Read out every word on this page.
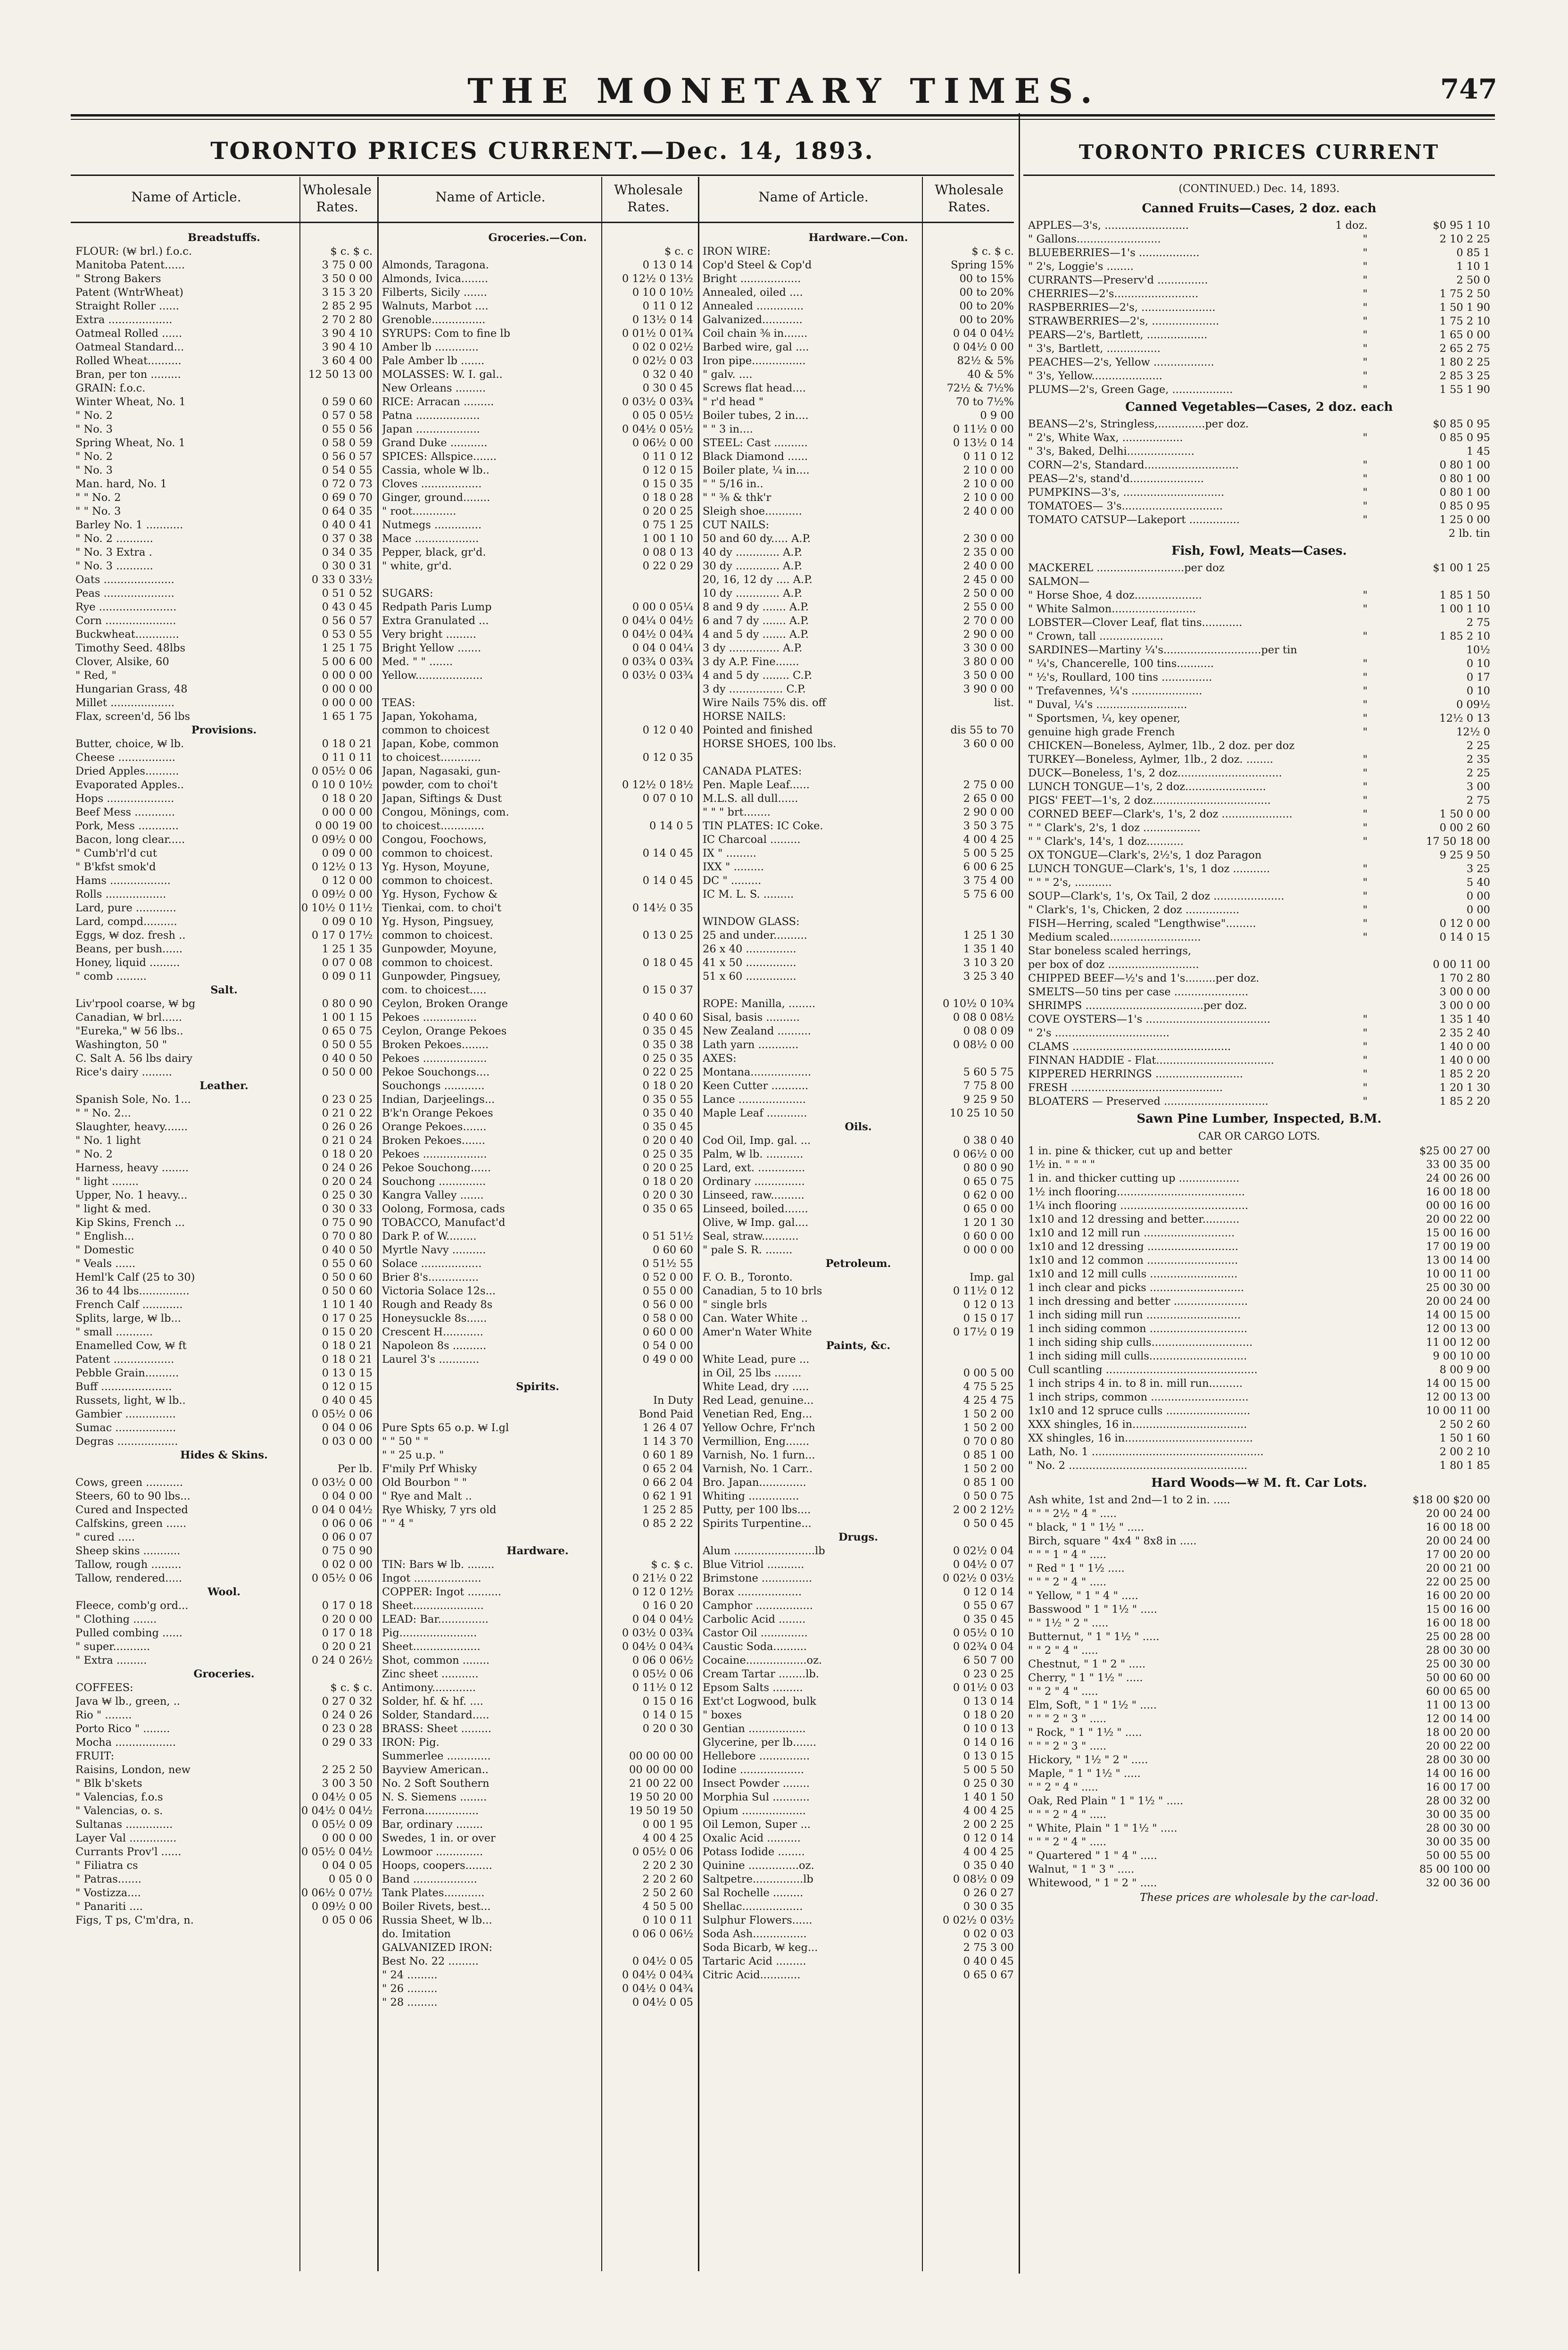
THE MONETARY TIMES.	747
TORONTO PRICES CURRENT.—Dec. 14, 1893.	TORONTO PRICES CURRENT
Name of Article.	Wholesale Rates.
Name of Article.	Wholesale Rates.
Name of Article.	Wholesale Rates.
Breadstuffs.
FLOUR: (₩ brl.) f.o.c.	$ c. $ c.
Manitoba Patent......	3 75 0 00
" Strong Bakers	3 50 0 00
Patent (WntrWheat)	3 15 3 20
Straight Roller ......	2 85 2 95
Extra ...................	2 70 2 80
Oatmeal Rolled ......	3 90 4 10
Oatmeal Standard...	3 90 4 10
Rolled Wheat..........	3 60 4 00
Bran, per ton .........	12 50 13 00
GRAIN: f.o.c.
Winter Wheat, No. 1	0 59 0 60
" No. 2	0 57 0 58
" No. 3	0 55 0 56
Spring Wheat, No. 1	0 58 0 59
" No. 2	0 56 0 57
" No. 3	0 54 0 55
Man. hard, No. 1	0 72 0 73
" " No. 2	0 69 0 70
" " No. 3	0 64 0 35
Barley No. 1 ...........	0 40 0 41
" No. 2 ...........	0 37 0 38
" No. 3 Extra .	0 34 0 35
" No. 3 ...........	0 30 0 31
Oats .....................	0 33 0 33½
Peas .....................	0 51 0 52
Rye .......................	0 43 0 45
Corn .....................	0 56 0 57
Buckwheat.............	0 53 0 55
Timothy Seed. 48lbs	1 25 1 75
Clover, Alsike, 60	5 00 6 00
" Red, "	0 00 0 00
Hungarian Grass, 48	0 00 0 00
Millet ...................	0 00 0 00
Flax, screen'd, 56 lbs	1 65 1 75
Provisions.
Butter, choice, ₩ lb.	0 18 0 21
Cheese .................	0 11 0 11
Dried Apples..........	0 05½ 0 06
Evaporated Apples..	0 10 0 10½
Hops ....................	0 18 0 20
Beef Mess ............	0 00 0 00
Pork, Mess ............	0 00 19 00
Bacon, long clear.....	0 09½ 0 00
" Cumb'rl'd cut	0 09 0 00
" B'kfst smok'd	0 12½ 0 13
Hams ..................	0 12 0 00
Rolls ..................	0 09½ 0 00
Lard, pure ............	0 10½ 0 11½
Lard, compd..........	0 09 0 10
Eggs, ₩ doz. fresh ..	0 17 0 17½
Beans, per bush......	1 25 1 35
Honey, liquid .........	0 07 0 08
" comb .........	0 09 0 11
Salt.
Liv'rpool coarse, ₩ bg	0 80 0 90
Canadian, ₩ brl......	1 00 1 15
"Eureka," ₩ 56 lbs..	0 65 0 75
Washington, 50 "	0 50 0 55
C. Salt A. 56 lbs dairy	0 40 0 50
Rice's dairy .........	0 50 0 00
Leather.
Spanish Sole, No. 1...	0 23 0 25
" " No. 2...	0 21 0 22
Slaughter, heavy.......	0 26 0 26
" No. 1 light	0 21 0 24
" No. 2	0 18 0 20
Harness, heavy ........	0 24 0 26
" light ........	0 20 0 24
Upper, No. 1 heavy...	0 25 0 30
" light & med.	0 30 0 33
Kip Skins, French ...	0 75 0 90
" English...	0 70 0 80
" Domestic	0 40 0 50
" Veals ......	0 55 0 60
Heml'k Calf (25 to 30)	0 50 0 60
36 to 44 lbs...............	0 50 0 60
French Calf ............	1 10 1 40
Splits, large, ₩ lb...	0 17 0 25
" small ...........	0 15 0 20
Enamelled Cow, ₩ ft	0 18 0 21
Patent ..................	0 18 0 21
Pebble Grain..........	0 13 0 15
Buff .....................	0 12 0 15
Russets, light, ₩ lb..	0 40 0 45
Gambier ...............	0 05½ 0 06
Sumac ..................	0 04 0 06
Degras ..................	0 03 0 00
Hides & Skins.
Per lb.
Cows, green ...........	0 03½ 0 00
Steers, 60 to 90 lbs...	0 04 0 00
Cured and Inspected	0 04 0 04½
Calfskins, green ......	0 06 0 06
" cured .....	0 06 0 07
Sheep skins ...........	0 75 0 90
Tallow, rough .........	0 02 0 00
Tallow, rendered.....	0 05½ 0 06
Wool.
Fleece, comb'g ord...	0 17 0 18
" Clothing .......	0 20 0 00
Pulled combing ......	0 17 0 18
" super...........	0 20 0 21
" Extra .........	0 24 0 26½
Groceries.
COFFEES:	$ c. $ c.
Java ₩ lb., green, ..	0 27 0 32
Rio " ........	0 24 0 26
Porto Rico " ........	0 23 0 28
Mocha ..................	0 29 0 33
FRUIT:
Raisins, London, new	2 25 2 50
" Blk b'skets	3 00 3 50
" Valencias, f.o.s	0 04½ 0 05
" Valencias, o. s.	0 04½ 0 04½
Sultanas ..............	0 05½ 0 09
Layer Val ..............	0 00 0 00
Currants Prov'l ......	0 05½ 0 04½
" Filiatra cs	0 04 0 05
" Patras.......	0 05 0 0
" Vostizza....	0 06½ 0 07½
" Panariti ....	0 09½ 0 00
Figs, T ps, C'm'dra, n.	0 05 0 06
Groceries.—Con.
$ c. c
Almonds, Taragona.	0 13 0 14
Almonds, Ivica........	0 12½ 0 13½
Filberts, Sicily .......	0 10 0 10½
Walnuts, Marbot ....	0 11 0 12
Grenoble................	0 13½ 0 14
SYRUPS: Com to fine lb	0 01½ 0 01¾
Amber lb .............	0 02 0 02½
Pale Amber lb .......	0 02½ 0 03
MOLASSES: W. I. gal..	0 32 0 40
New Orleans .........	0 30 0 45
RICE: Arracan .........	0 03½ 0 03¾
Patna ...................	0 05 0 05½
Japan ...................	0 04½ 0 05½
Grand Duke ...........	0 06½ 0 00
SPICES: Allspice.......	0 11 0 12
Cassia, whole ₩ lb..	0 12 0 15
Cloves ..................	0 15 0 35
Ginger, ground........	0 18 0 28
" root.............	0 20 0 25
Nutmegs ..............	0 75 1 25
Mace ...................	1 00 1 10
Pepper, black, gr'd.	0 08 0 13
" white, gr'd.	0 22 0 29
SUGARS:
Redpath Paris Lump	0 00 0 05¼
Extra Granulated ...	0 04¼ 0 04½
Very bright .........	0 04½ 0 04¾
Bright Yellow .......	0 04 0 04¼
Med. " " .......	0 03¾ 0 03¾
Yellow....................	0 03½ 0 03¾
TEAS:
Japan, Yokohama,
common to choicest	0 12 0 40
Japan, Kobe, common
to choicest............	0 12 0 35
Japan, Nagasaki, gun-
powder, com to choi't	0 12½ 0 18½
Japan, Siftings & Dust	0 07 0 10
Congou, Mönings, com.
to choicest.............	0 14 0 5
Congou, Foochows,
common to choicest.	0 14 0 45
Yg. Hyson, Moyune,
common to choicest.	0 14 0 45
Yg. Hyson, Fychow &
Tienkai, com. to choi't	0 14½ 0 35
Yg. Hyson, Pingsuey,
common to choicest.	0 13 0 25
Gunpowder, Moyune,
common to choicest.	0 18 0 45
Gunpowder, Pingsuey,
com. to choicest.....	0 15 0 37
Ceylon, Broken Orange
Pekoes ................	0 40 0 60
Ceylon, Orange Pekoes	0 35 0 45
Broken Pekoes........	0 35 0 38
Pekoes ...................	0 25 0 35
Pekoe Souchongs....	0 22 0 25
Souchongs ............	0 18 0 20
Indian, Darjeelings...	0 35 0 55
B'k'n Orange Pekoes	0 35 0 40
Orange Pekoes.......	0 35 0 45
Broken Pekoes.......	0 20 0 40
Pekoes ...................	0 25 0 35
Pekoe Souchong......	0 20 0 25
Souchong ..............	0 18 0 20
Kangra Valley .......	0 20 0 30
Oolong, Formosa, cads	0 35 0 65
TOBACCO, Manufact'd
Dark P. of W.........	0 51 51½
Myrtle Navy ..........	0 60 60
Solace ..................	0 51½ 55
Brier 8's...............	0 52 0 00
Victoria Solace 12s...	0 55 0 00
Rough and Ready 8s	0 56 0 00
Honeysuckle 8s......	0 58 0 00
Crescent H............	0 60 0 00
Napoleon 8s ..........	0 54 0 00
Laurel 3's ............	0 49 0 00
Spirits.
In Duty
Bond Paid
Pure Spts 65 o.p. ₩ I.gl	1 26 4 07
" " 50 " "	1 14 3 70
" " 25 u.p. "	0 60 1 89
F'mily Prf Whisky	0 65 2 04
Old Bourbon " "	0 66 2 04
" Rye and Malt ..	0 62 1 91
Rye Whisky, 7 yrs old	1 25 2 85
" " 4 "	0 85 2 22
Hardware.
TIN: Bars ₩ lb. ........	$ c. $ c.
Ingot ....................	0 21½ 0 22
COPPER: Ingot ..........	0 12 0 12½
Sheet.....................	0 16 0 20
LEAD: Bar...............	0 04 0 04½
Pig.......................	0 03½ 0 03¾
Sheet....................	0 04½ 0 04¾
Shot, common ........	0 06 0 06½
Zinc sheet ...........	0 05½ 0 06
Antimony.............	0 11½ 0 12
Solder, hf. & hf. ....	0 15 0 16
Solder, Standard.....	0 14 0 15
BRASS: Sheet .........	0 20 0 30
IRON: Pig.
Summerlee .............	00 00 00 00
Bayview American..	00 00 00 00
No. 2 Soft Southern	21 00 22 00
N. S. Siemens ........	19 50 20 00
Ferrona................	19 50 19 50
Bar, ordinary ........	0 00 1 95
Swedes, 1 in. or over	4 00 4 25
Lowmoor ..............	0 05½ 0 06
Hoops, coopers........	2 20 2 30
Band ...................	2 20 2 60
Tank Plates............	2 50 2 60
Boiler Rivets, best...	4 50 5 00
Russia Sheet, ₩ lb...	0 10 0 11
do. Imitation	0 06 0 06½
GALVANIZED IRON:
Best No. 22 .........	0 04½ 0 05
" 24 .........	0 04½ 0 04¾
" 26 .........	0 04½ 0 04¾
" 28 .........	0 04½ 0 05
Hardware.—Con.
IRON WIRE:	$ c. $ c.
Cop'd Steel & Cop'd	Spring 15%
Bright ..................	00 to 15%
Annealed, oiled ....	00 to 20%
Annealed ..............	00 to 20%
Galvanized............	00 to 20%
Coil chain ⅜ in.......	0 04 0 04½
Barbed wire, gal ....	0 04½ 0 00
Iron pipe................	82½ & 5%
" galv. ....	40 & 5%
Screws flat head....	72½ & 7½%
" r'd head "	70 to 7½%
Boiler tubes, 2 in....	0 9 00
" " 3 in....	0 11½ 0 00
STEEL: Cast ..........	0 13½ 0 14
Black Diamond ......	0 11 0 12
Boiler plate, ¼ in....	2 10 0 00
" " 5/16 in..	2 10 0 00
" " ⅜ & thk'r	2 10 0 00
Sleigh shoe...........	2 40 0 00
CUT NAILS:
50 and 60 dy..... A.P.	2 30 0 00
40 dy ............. A.P.	2 35 0 00
30 dy ............. A.P.	2 40 0 00
20, 16, 12 dy .... A.P.	2 45 0 00
10 dy ............. A.P.	2 50 0 00
8 and 9 dy ....... A.P.	2 55 0 00
6 and 7 dy ....... A.P.	2 70 0 00
4 and 5 dy ....... A.P.	2 90 0 00
3 dy ............... A.P.	3 30 0 00
3 dy A.P. Fine.......	3 80 0 00
4 and 5 dy ........ C.P.	3 50 0 00
3 dy ................ C.P.	3 90 0 00
Wire Nails 75% dis. off	list.
HORSE NAILS:
Pointed and finished	dis 55 to 70
HORSE SHOES, 100 lbs.	3 60 0 00
CANADA PLATES:
Pen. Maple Leaf......	2 75 0 00
M.L.S. all dull......	2 65 0 00
" " " brt........	2 90 0 00
TIN PLATES: IC Coke.	3 50 3 75
IC Charcoal .........	4 00 4 25
IX " .........	5 00 5 25
IXX " .........	6 00 6 25
DC " .........	3 75 4 00
IC M. L. S. .........	5 75 6 00
WINDOW GLASS:
25 and under..........	1 25 1 30
26 x 40 ...............	1 35 1 40
41 x 50 ...............	3 10 3 20
51 x 60 ...............	3 25 3 40
ROPE: Manilla, ........	0 10½ 0 10¾
Sisal, basis ..........	0 08 0 08½
New Zealand ..........	0 08 0 09
Lath yarn ............	0 08½ 0 00
AXES:
Montana..................	5 60 5 75
Keen Cutter ...........	7 75 8 00
Lance ....................	9 25 9 50
Maple Leaf ............	10 25 10 50
Oils.
Cod Oil, Imp. gal. ...	0 38 0 40
Palm, ₩ lb. ...........	0 06½ 0 00
Lard, ext. ..............	0 80 0 90
Ordinary ...............	0 65 0 75
Linseed, raw..........	0 62 0 00
Linseed, boiled.......	0 65 0 00
Olive, ₩ Imp. gal....	1 20 1 30
Seal, straw...........	0 60 0 00
" pale S. R. ........	0 00 0 00
Petroleum.
F. O. B., Toronto.	Imp. gal
Canadian, 5 to 10 brls	0 11½ 0 12
" single brls	0 12 0 13
Can. Water White ..	0 15 0 17
Amer'n Water White	0 17½ 0 19
Paints, &c.
White Lead, pure ...
in Oil, 25 lbs ........	0 00 5 00
White Lead, dry .....	4 75 5 25
Red Lead, genuine...	4 25 4 75
Venetian Red, Eng...	1 50 2 00
Yellow Ochre, Fr'nch	1 50 2 00
Vermillion, Eng.......	0 70 0 80
Varnish, No. 1 furn...	0 85 1 00
Varnish, No. 1 Carr..	1 50 2 00
Bro. Japan..............	0 85 1 00
Whiting ...............	0 50 0 75
Putty, per 100 lbs....	2 00 2 12½
Spirits Turpentine...	0 50 0 45
Drugs.
Alum ........................lb	0 02½ 0 04
Blue Vitriol ...........	0 04½ 0 07
Brimstone ...............	0 02½ 0 03½
Borax ...................	0 12 0 14
Camphor .................	0 55 0 67
Carbolic Acid ........	0 35 0 45
Castor Oil ..............	0 05½ 0 10
Caustic Soda..........	0 02¾ 0 04
Cocaine..................oz.	6 50 7 00
Cream Tartar ........lb.	0 23 0 25
Epsom Salts .........	0 01½ 0 03
Ext'ct Logwood, bulk	0 13 0 14
" boxes	0 18 0 20
Gentian .................	0 10 0 13
Glycerine, per lb.......	0 14 0 16
Hellebore ...............	0 13 0 15
Iodine ...................	5 00 5 50
Insect Powder ........	0 25 0 30
Morphia Sul ...........	1 40 1 50
Opium ...................	4 00 4 25
Oil Lemon, Super ...	2 00 2 25
Oxalic Acid ..........	0 12 0 14
Potass Iodide ........	4 00 4 25
Quinine ...............oz.	0 35 0 40
Saltpetre...............lb	0 08½ 0 09
Sal Rochelle .........	0 26 0 27
Shellac..................	0 30 0 35
Sulphur Flowers......	0 02½ 0 03½
Soda Ash................	0 02 0 03
Soda Bicarb, ₩ keg...	2 75 3 00
Tartaric Acid .........	0 40 0 45
Citric Acid............	0 65 0 67
(CONTINUED.) Dec. 14, 1893.
Canned Fruits—Cases, 2 doz. each
APPLES—3's, .........................	1 doz.	$0 95 1 10
" Gallons.........................	"	2 10 2 25
BLUEBERRIES—1's ..................	"	0 85 1
" 2's, Loggie's ........	"	1 10 1
CURRANTS—Preserv'd ...............	"	2 50 0
CHERRIES—2's.........................	"	1 75 2 50
RASPBERRIES—2's, ......................	"	1 50 1 90
STRAWBERRIES—2's, ....................	"	1 75 2 10
PEARS—2's, Bartlett, ..................	"	1 65 0 00
" 3's, Bartlett, ................	"	2 65 2 75
PEACHES—2's, Yellow ..................	"	1 80 2 25
" 3's, Yellow.....................	"	2 85 3 25
PLUMS—2's, Green Gage, ..................	"	1 55 1 90
Canned Vegetables—Cases, 2 doz. each
BEANS—2's, Stringless,..............per doz.	$0 85 0 95
" 2's, White Wax, ..................	"	0 85 0 95
" 3's, Baked, Delhi....................	1 45
CORN—2's, Standard............................	"	0 80 1 00
PEAS—2's, stand'd......................	"	0 80 1 00
PUMPKINS—3's, ..............................	"	0 80 1 00
TOMATOES— 3's..............................	"	0 85 0 95
TOMATO CATSUP—Lakeport ...............	"	1 25 0 00
2 lb. tin
Fish, Fowl, Meats—Cases.
MACKEREL ..........................per doz	$1 00 1 25
SALMON—
" Horse Shoe, 4 doz....................	"	1 85 1 50
" White Salmon.........................	"	1 00 1 10
LOBSTER—Clover Leaf, flat tins............	2 75
" Crown, tall ...................	"	1 85 2 10
SARDINES—Martiny ¼'s.............................per tin	10½
" ¼'s, Chancerelle, 100 tins...........	"	0 10
" ½'s, Roullard, 100 tins ...............	"	0 17
" Trefavennes, ¼'s .....................	"	0 10
" Duval, ¼'s ...........................	"	0 09½
" Sportsmen, ¼, key opener,	"	12½ 0 13
genuine high grade French	"	12½ 0
CHICKEN—Boneless, Aylmer, 1lb., 2 doz. per doz	2 25
TURKEY—Boneless, Aylmer, 1lb., 2 doz. ........	"	2 35
DUCK—Boneless, 1's, 2 doz...............................	"	2 25
LUNCH TONGUE—1's, 2 doz........................	"	3 00
PIGS' FEET—1's, 2 doz...................................	"	2 75
CORNED BEEF—Clark's, 1's, 2 doz .....................	"	1 50 0 00
" " Clark's, 2's, 1 doz .................	"	0 00 2 60
" " Clark's, 14's, 1 doz...........	"	17 50 18 00
OX TONGUE—Clark's, 2½'s, 1 doz Paragon	9 25 9 50
LUNCH TONGUE—Clark's, 1's, 1 doz ...........	"	3 25
" " " 2's, ...........	"	5 40
SOUP—Clark's, 1's, Ox Tail, 2 doz .....................	"	0 00
" Clark's, 1's, Chicken, 2 doz ................	"	0 00
FISH—Herring, scaled "Lengthwise".........	"	0 12 0 00
Medium scaled...........................	"	0 14 0 15
Star boneless scaled herrings,
per box of doz ...........................	0 00 11 00
CHIPPED BEEF—½'s and 1's.........per doz.	1 70 2 80
SMELTS—50 tins per case ......................	3 00 0 00
SHRIMPS ...................................per doz.	3 00 0 00
COVE OYSTERS—1's .....................................	"	1 35 1 40
" 2's ..................................	"	2 35 2 40
CLAMS ...............................................	"	1 40 0 00
FINNAN HADDIE - Flat...................................	"	1 40 0 00
KIPPERED HERRINGS ..........................	"	1 85 2 20
FRESH .............................................	"	1 20 1 30
BLOATERS — Preserved ...............................	"	1 85 2 20
Sawn Pine Lumber, Inspected, B.M.
CAR OR CARGO LOTS.
1 in. pine & thicker, cut up and better	$25 00 27 00
1½ in. " " " "	33 00 35 00
1 in. and thicker cutting up ..................	24 00 26 00
1½ inch flooring......................................	16 00 18 00
1¼ inch flooring ......................................	00 00 16 00
1x10 and 12 dressing and better...........	20 00 22 00
1x10 and 12 mill run ...........................	15 00 16 00
1x10 and 12 dressing ...........................	17 00 19 00
1x10 and 12 common ...........................	13 00 14 00
1x10 and 12 mill culls ..........................	10 00 11 00
1 inch clear and picks ............................	25 00 30 00
1 inch dressing and better ......................	20 00 24 00
1 inch siding mill run ............................	14 00 15 00
1 inch siding common .............................	12 00 13 00
1 inch siding ship culls..............................	11 00 12 00
1 inch siding mill culls.............................	9 00 10 00
Cull scantling .............................................	8 00 9 00
1 inch strips 4 in. to 8 in. mill run..........	14 00 15 00
1 inch strips, common .............................	12 00 13 00
1x10 and 12 spruce culls .........................	10 00 11 00
XXX shingles, 16 in..................................	2 50 2 60
XX shingles, 16 in......................................	1 50 1 60
Lath, No. 1 ...................................................	2 00 2 10
" No. 2 .....................................................	1 80 1 85
Hard Woods—₩ M. ft. Car Lots.
Ash white, 1st and 2nd—1 to 2 in. .....	$18 00 $20 00
" " " 2½ " 4 " .....	20 00 24 00
" black, " 1 " 1½ " .....	16 00 18 00
Birch, square " 4x4 " 8x8 in .....	20 00 24 00
" " " 1 " 4 " .....	17 00 20 00
" Red " 1 " 1½ .....	20 00 21 00
" " " 2 " 4 " .....	22 00 25 00
" Yellow, " 1 " 4 " .....	16 00 20 00
Basswood " 1 " 1½ " .....	15 00 16 00
" " 1½ " 2 " .....	16 00 18 00
Butternut, " 1 " 1½ " .....	25 00 28 00
" " 2 " 4 " .....	28 00 30 00
Chestnut, " 1 " 2 " .....	25 00 30 00
Cherry, " 1 " 1½ " .....	50 00 60 00
" " 2 " 4 " .....	60 00 65 00
Elm, Soft, " 1 " 1½ " .....	11 00 13 00
" " " 2 " 3 " .....	12 00 14 00
" Rock, " 1 " 1½ " .....	18 00 20 00
" " " 2 " 3 " .....	20 00 22 00
Hickory, " 1½ " 2 " .....	28 00 30 00
Maple, " 1 " 1½ " .....	14 00 16 00
" " 2 " 4 " .....	16 00 17 00
Oak, Red Plain " 1 " 1½ " .....	28 00 32 00
" " " 2 " 4 " .....	30 00 35 00
" White, Plain " 1 " 1½ " .....	28 00 30 00
" " " 2 " 4 " .....	30 00 35 00
" Quartered " 1 " 4 " .....	50 00 55 00
Walnut, " 1 " 3 " .....	85 00 100 00
Whitewood, " 1 " 2 " .....	32 00 36 00
These prices are wholesale by the car-load.
